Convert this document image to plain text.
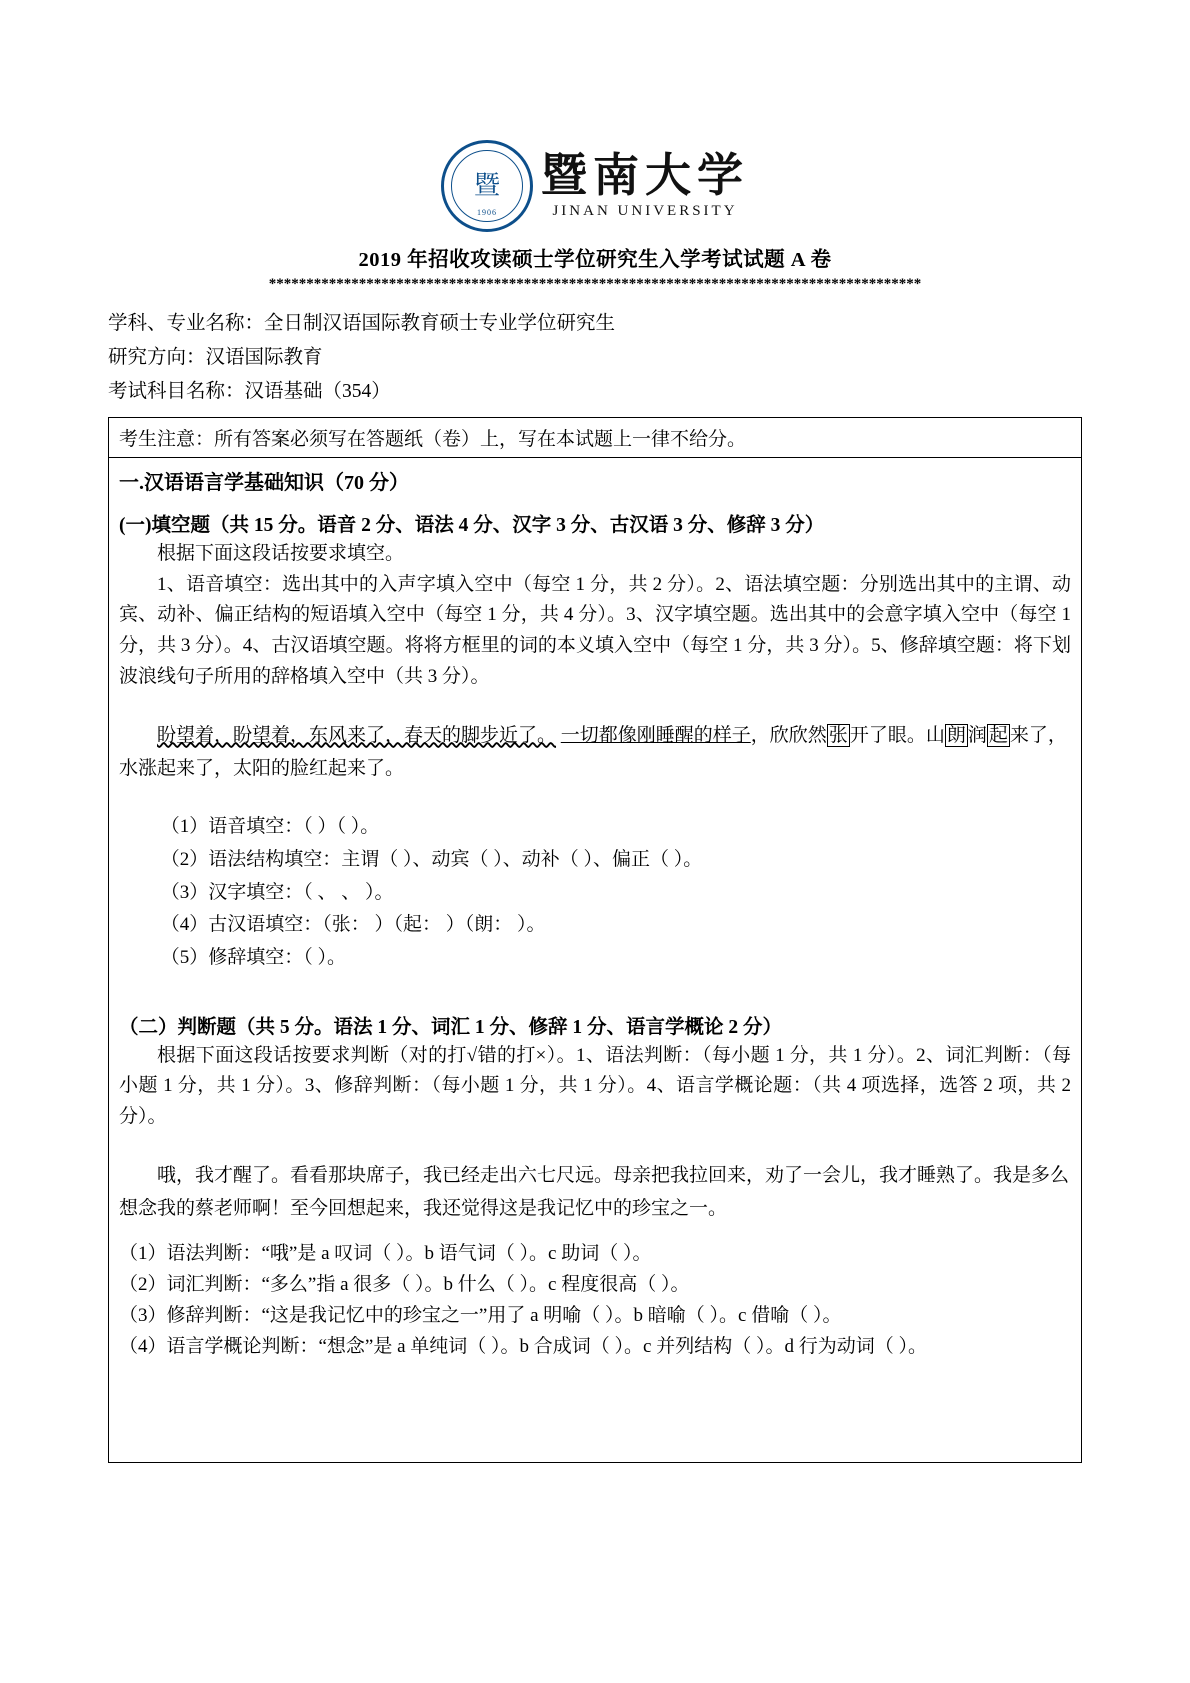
暨
1906
暨南大学
JINAN UNIVERSITY
2019 年招收攻读硕士学位研究生入学考试试题 A 卷
***************************************************************************************
学科、专业名称：全日制汉语国际教育硕士专业学位研究生
研究方向：汉语国际教育
考试科目名称：汉语基础（354）
考生注意：所有答案必须写在答题纸（卷）上，写在本试题上一律不给分。
一.汉语语言学基础知识（70 分）
(一)填空题（共 15 分。语音 2 分、语法 4 分、汉字 3 分、古汉语 3 分、修辞 3 分）

根据下面这段话按要求填空。

1、语音填空：选出其中的入声字填入空中（每空 1 分，共 2 分）。2、语法填空题：分别选出其中的主谓、动宾、动补、偏正结构的短语填入空中（每空 1 分，共 4 分）。3、汉字填空题。选出其中的会意字填入空中（每空 1 分，共 3 分）。4、古汉语填空题。将将方框里的词的本义填入空中（每空 1 分，共 3 分）。5、修辞填空题：将下划波浪线句子所用的辞格填入空中（共 3 分）。

盼望着，盼望着，东风来了，春天的脚步近了。 一切都像刚睡醒的样子，欣欣然 张 开了眼。山 朗 润 起 来了，水涨起来了，太阳的脸红起来了。

（1）语音填空：（ ）（ ）。

（2）语法结构填空：主谓（ ）、动宾（ ）、动补（ ）、偏正（ ）。

（3）汉字填空：（ 、 、 ）。

（4）古汉语填空：（张： ）（起： ）（朗： ）。

（5）修辞填空：（ ）。

（二）判断题（共 5 分。语法 1 分、词汇 1 分、修辞 1 分、语言学概论 2 分）

根据下面这段话按要求判断（对的打√错的打×）。1、语法判断：（每小题 1 分，共 1 分）。2、词汇判断：（每小题 1 分，共 1 分）。3、修辞判断：（每小题 1 分，共 1 分）。4、语言学概论题：（共 4 项选择，选答 2 项，共 2 分）。

哦，我才醒了。看看那块席子，我已经走出六七尺远。母亲把我拉回来，劝了一会儿，我才睡熟了。我是多么想念我的蔡老师啊！至今回想起来，我还觉得这是我记忆中的珍宝之一。

（1）语法判断：“哦”是 a 叹词（ ）。b 语气词（ ）。c 助词（ ）。

（2）词汇判断：“多么”指 a 很多（ ）。b 什么（ ）。c 程度很高（ ）。

（3）修辞判断：“这是我记忆中的珍宝之一”用了 a 明喻（ ）。b 暗喻（ ）。c 借喻（ ）。

（4）语言学概论判断：“想念”是 a 单纯词（ ）。b 合成词（ ）。c 并列结构（ ）。d 行为动词（ ）。
